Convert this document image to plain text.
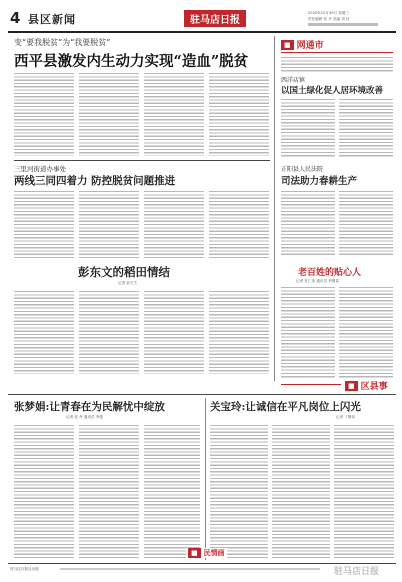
4 县区新闻	驻马店日报
2020年12月30日 星期三
责任编辑 张 丹 美编 刘 桂
变“要我脱贫”为“我要脱贫”
西平县激发内生动力实现“造血”脱贫
三里河街道办事处
两线三同四着力 防控脱贫问题推进
彭东文的稻田情结
记者 彭万芝
■ 网通市
西洋店镇
以国土绿化促人居环境改善
正阳县人民法院
司法助力春耕生产
老百姓的贴心人
记者 杜仁奎 通讯员 李继春
■ 区县事
张梦娟:让青春在为民解忧中绽放
记者 张 丹 通讯员 李强
关宝玲:让诚信在平凡岗位上闪光
记者 丁继伟
■ 民情画
驻马店日报社出版	驻马店日报
